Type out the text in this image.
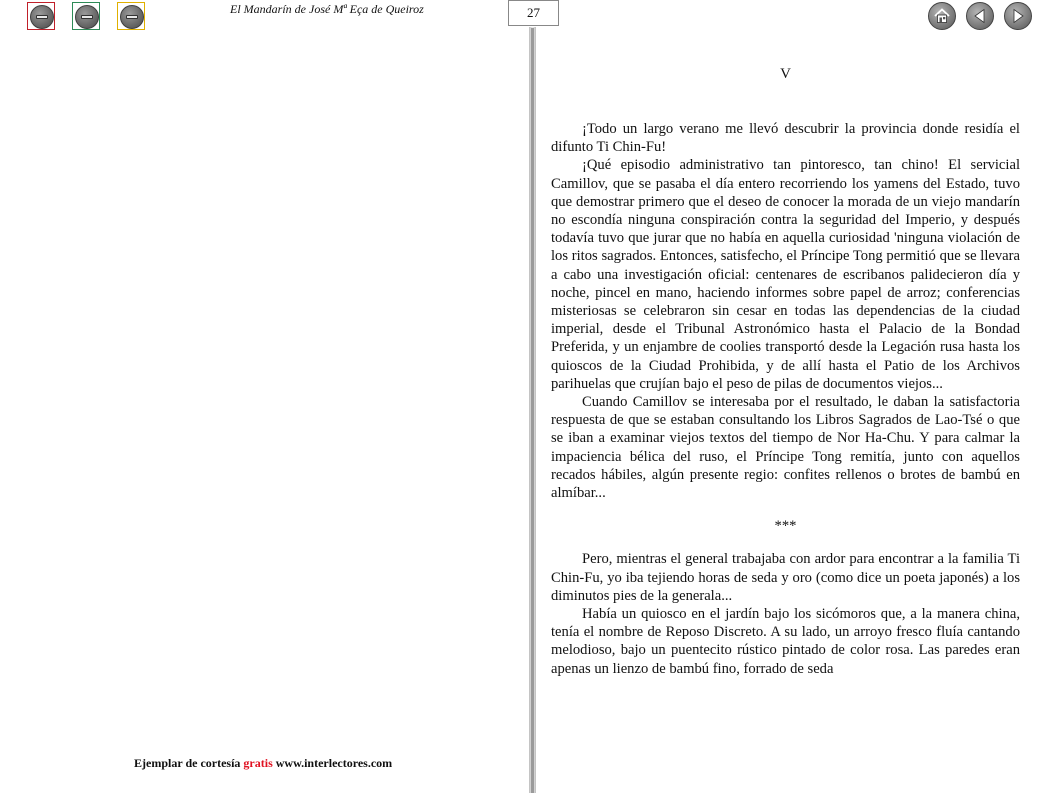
El Mandarín de José Mª Eça de Queiroz	27
V

¡Todo un largo verano me llevó descubrir la provincia donde residía el difunto Ti Chin-Fu!

¡Qué episodio administrativo tan pintoresco, tan chino! El servicial Camillov, que se pasaba el día entero recorriendo los yamens del Estado, tuvo que demostrar primero que el deseo de conocer la morada de un viejo mandarín no escondía ninguna conspiración contra la seguridad del Imperio, y después todavía tuvo que jurar que no había en aquella curiosidad 'ninguna violación de los ritos sagrados. Entonces, satisfecho, el Príncipe Tong permitió que se llevara a cabo una investigación oficial: centenares de escribanos palidecieron día y noche, pincel en mano, haciendo informes sobre papel de arroz; conferencias misteriosas se celebraron sin cesar en todas las dependencias de la ciudad imperial, desde el Tribunal Astronómico hasta el Palacio de la Bondad Preferida, y un enjambre de coolies transportó desde la Legación rusa hasta los quioscos de la Ciudad Prohibida, y de allí hasta el Patio de los Archivos parihuelas que crujían bajo el peso de pilas de documentos viejos...

Cuando Camillov se interesaba por el resultado, le daban la satisfactoria respuesta de que se estaban consultando los Libros Sagrados de Lao-Tsé o que se iban a examinar viejos textos del tiempo de Nor Ha-Chu. Y para calmar la impaciencia bélica del ruso, el Príncipe Tong remitía, junto con aquellos recados hábiles, algún presente regio: confites rellenos o brotes de bambú en almíbar...

***

Pero, mientras el general trabajaba con ardor para encontrar a la familia Ti Chin-Fu, yo iba tejiendo horas de seda y oro (como dice un poeta japonés) a los diminutos pies de la generala...

Había un quiosco en el jardín bajo los sicómoros que, a la manera china, tenía el nombre de Reposo Discreto. A su lado, un arroyo fresco fluía cantando melodioso, bajo un puentecito rústico pintado de color rosa. Las paredes eran apenas un lienzo de bambú fino, forrado de seda

Ejemplar de cortesía gratis www.interlectores.com
